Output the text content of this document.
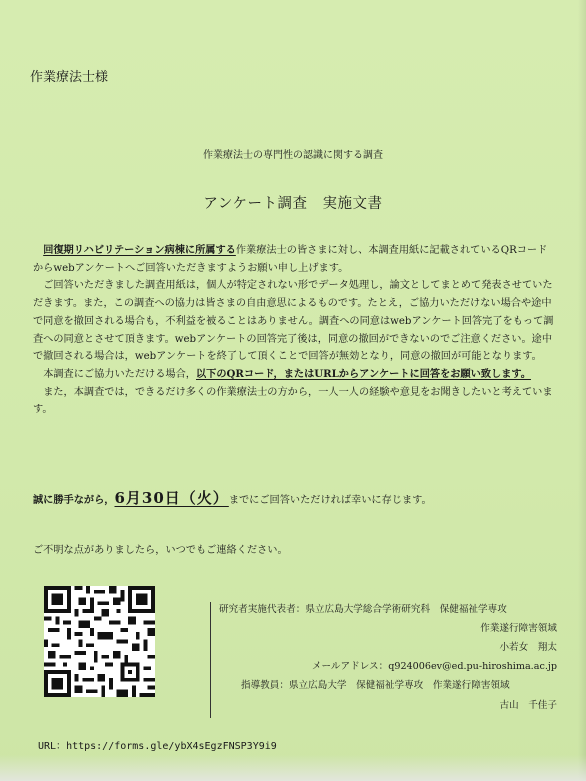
作業療法士様
作業療法士の専門性の認識に関する調査
アンケート調査　実施文書

回復期リハビリテーション病棟に所属する作業療法士の皆さまに対し、本調査用紙に記載されているQRコードからwebアンケートへご回答いただきますようお願い申し上げます。

ご回答いただきました調査用紙は，個人が特定されない形でデータ処理し，論文としてまとめて発表させていただきます。また，この調査への協力は皆さまの自由意思によるものです。たとえ，ご協力いただけない場合や途中で同意を撤回される場合も，不利益を被ることはありません。調査への同意はwebアンケート回答完了をもって調査への同意とさせて頂きます。webアンケートの回答完了後は，同意の撤回ができないのでご注意ください。途中で撤回される場合は，webアンケートを終了して頂くことで回答が無効となり，同意の撤回が可能となります。

本調査にご協力いただける場合，以下のQRコード，またはURLからアンケートに回答をお願い致します。

また，本調査では，できるだけ多くの作業療法士の方から，一人一人の経験や意見をお聞きしたいと考えています。

誠に勝手ながら，6月30日（火）までにご回答いただければ幸いに存じます。
ご不明な点がありましたら，いつでもご連絡ください。
研究者実施代表者：県立広島大学総合学術研究科　保健福祉学専攻
作業遂行障害領域
小若女　翔太
メールアドレス：q924006ev@ed.pu-hiroshima.ac.jp
指導教員：県立広島大学　保健福祉学専攻　作業遂行障害領域
古山　千佳子
URL：https://forms.gle/ybX4sEgzFNSP3Y9i9
